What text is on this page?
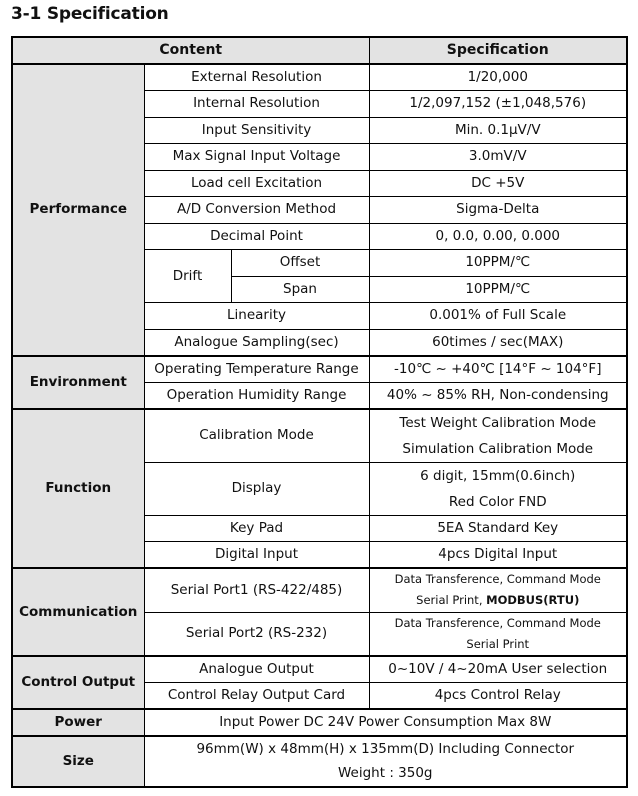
3-1 Specification
Content			Specification
Performance	External Resolution		1/20,000
	Internal Resolution		1/2,097,152 (±1,048,576)
	Input Sensitivity		Min. 0.1μV/V
	Max Signal Input Voltage		3.0mV/V
	Load cell Excitation		DC +5V
	A/D Conversion Method		Sigma-Delta
	Decimal Point		0, 0.0, 0.00, 0.000
	Drift	Offset	10PPM/℃
		Span	10PPM/℃
	Linearity		0.001% of Full Scale
	Analogue Sampling(sec)		60times / sec(MAX)
Environment	Operating Temperature Range		-10℃ ~ +40℃ [14°F ~ 104°F]
	Operation Humidity Range		40% ~ 85% RH, Non-condensing
Function	Calibration Mode		Test Weight Calibration Mode
Simulation Calibration Mode

	Display		6 digit, 15mm(0.6inch)
Red Color FND

	Key Pad		5EA Standard Key
	Digital Input		4pcs Digital Input
Communication	Serial Port1 (RS-422/485)		Data Transference, Command Mode
Serial Print, MODBUS(RTU)

	Serial Port2 (RS-232)		Data Transference, Command Mode
Serial Print

Control Output	Analogue Output		0~10V / 4~20mA User selection
	Control Relay Output Card		4pcs Control Relay
Power	Input Power DC 24V Power Consumption Max 8W		
Size	96mm(W) x 48mm(H) x 135mm(D) Including Connector
Weight : 350g		
